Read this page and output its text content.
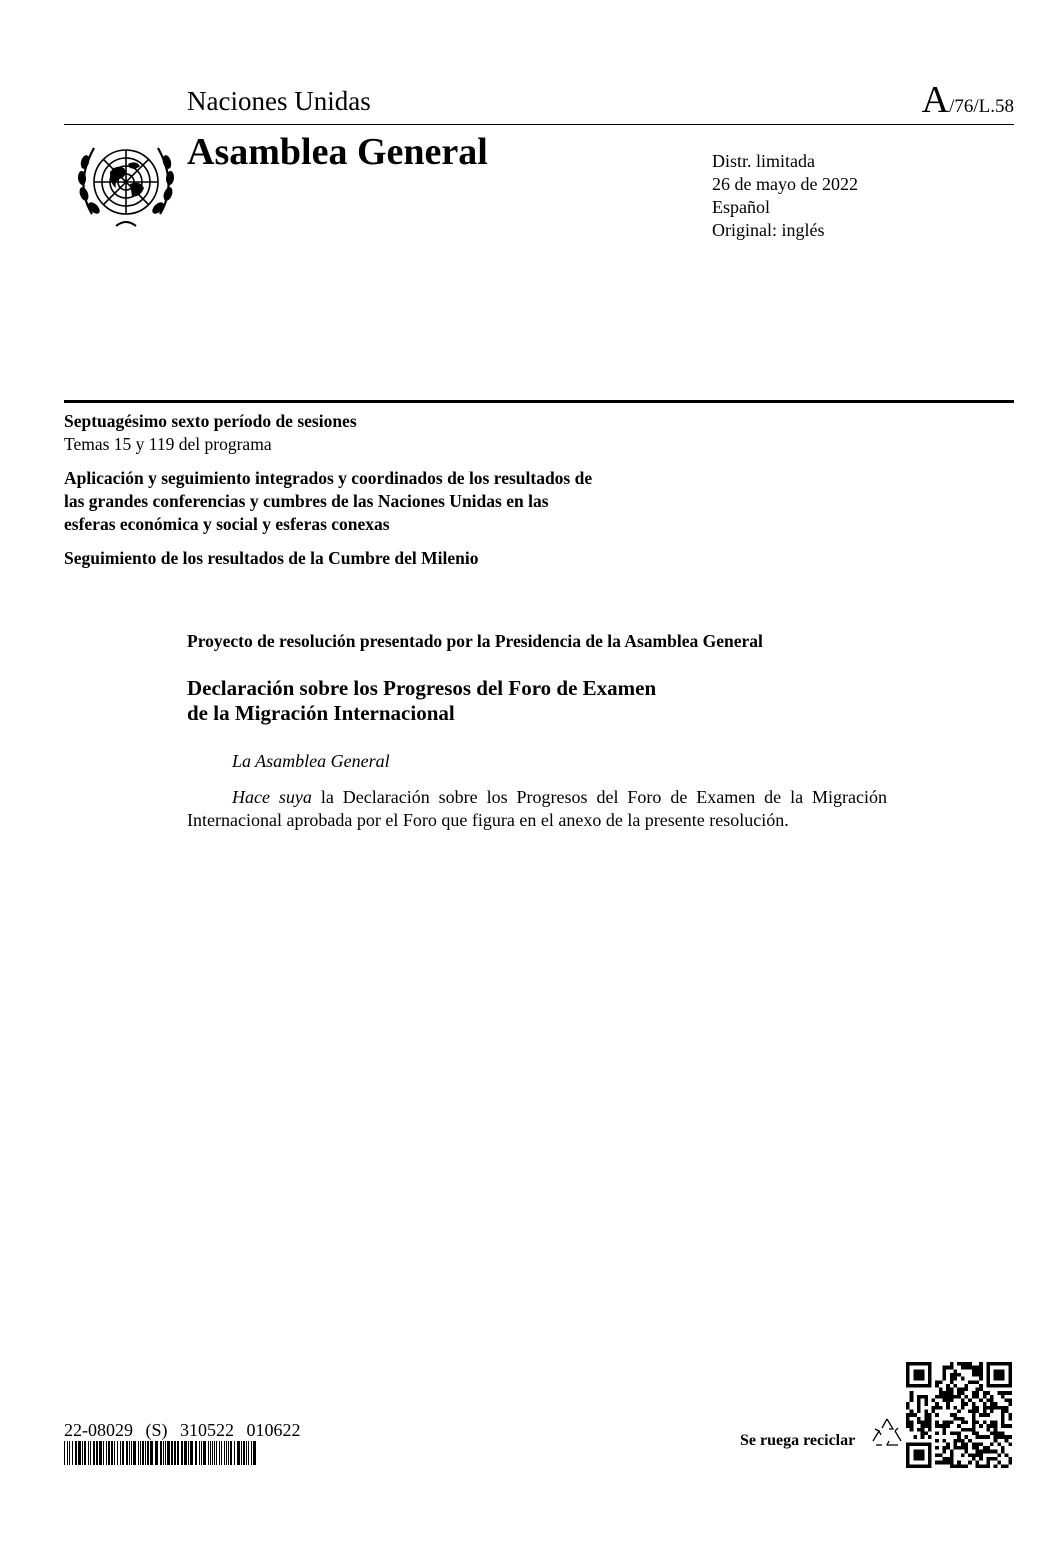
Naciones Unidas	A/76/L.58
Asamblea General	Distr. limitada
26 de mayo de 2022
Español
Original: inglés
Septuagésimo sexto período de sesiones
Temas 15 y 119 del programa
Aplicación y seguimiento integrados y coordinados de los resultados de las grandes conferencias y cumbres de las Naciones Unidas en las esferas económica y social y esferas conexas
Seguimiento de los resultados de la Cumbre del Milenio
Proyecto de resolución presentado por la Presidencia de la Asamblea General
Declaración sobre los Progresos del Foro de Examen
de la Migración Internacional
La Asamblea General
Hace suya la Declaración sobre los Progresos del Foro de Examen de la Migración Internacional aprobada por el Foro que figura en el anexo de la presente resolución.
22-08029 (S) 310522 010622
Se ruega reciclar
